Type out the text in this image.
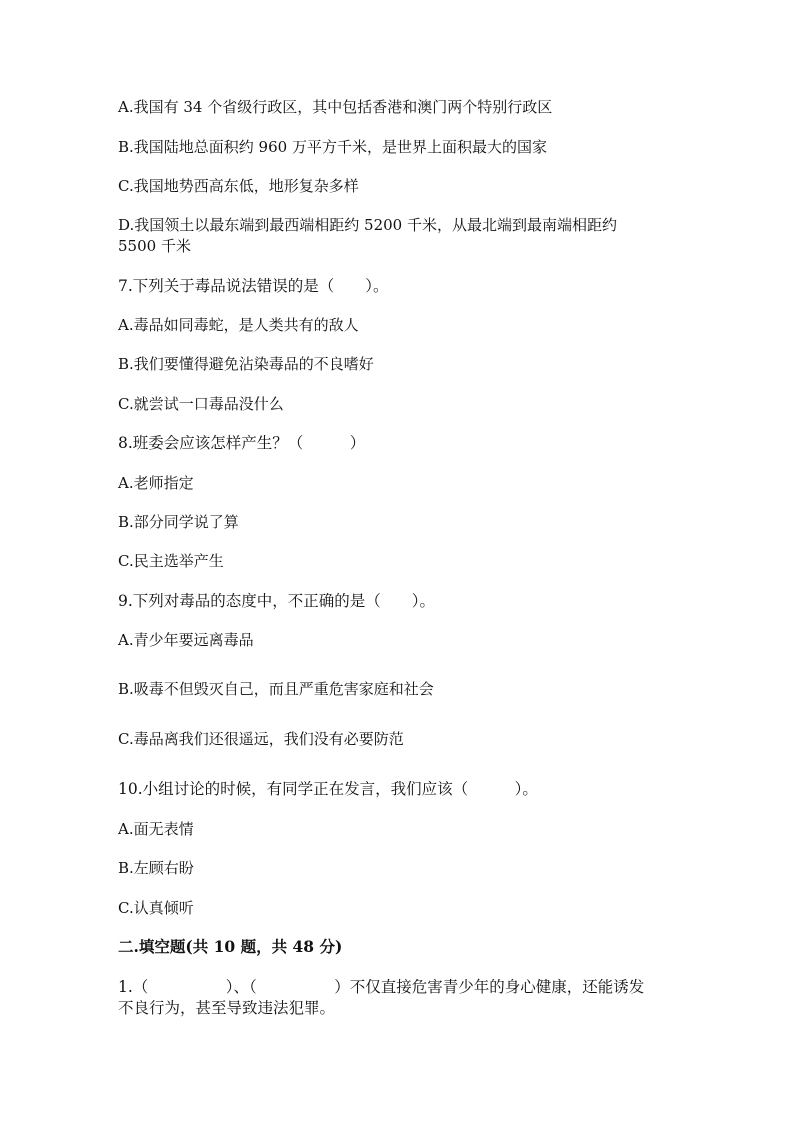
A.我国有 34 个省级行政区，其中包括香港和澳门两个特别行政区
B.我国陆地总面积约 960 万平方千米，是世界上面积最大的国家
C.我国地势西高东低，地形复杂多样
D.我国领土以最东端到最西端相距约 5200 千米，从最北端到最南端相距约
5500 千米
7.下列关于毒品说法错误的是（　　）。
A.毒品如同毒蛇，是人类共有的敌人
B.我们要懂得避免沾染毒品的不良嗜好
C.就尝试一口毒品没什么
8.班委会应该怎样产生？（　　　）
A.老师指定
B.部分同学说了算
C.民主选举产生
9.下列对毒品的态度中，不正确的是（　　）。
A.青少年要远离毒品
B.吸毒不但毁灭自己，而且严重危害家庭和社会
C.毒品离我们还很遥远，我们没有必要防范
10.小组讨论的时候，有同学正在发言，我们应该（　　　）。
A.面无表情
B.左顾右盼
C.认真倾听
二.填空题(共 10 题，共 48 分)
1.（　　　　　）、（　　　　　）不仅直接危害青少年的身心健康，还能诱发
不良行为，甚至导致违法犯罪。
